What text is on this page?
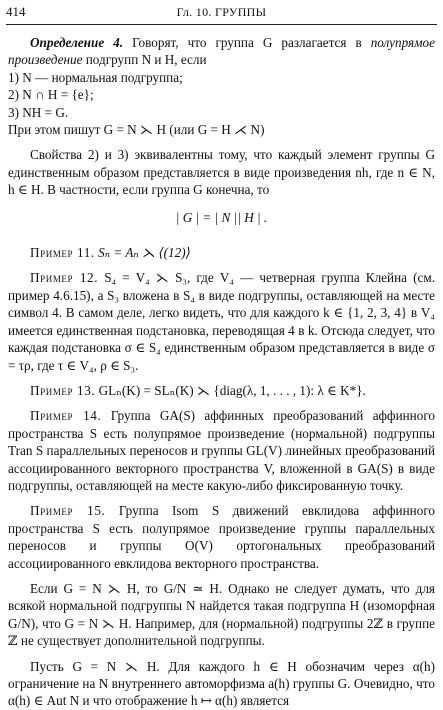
414	Гл. 10. ГРУППЫ

Определение 4. Говорят, что группа G разлагается в полупрямое произведение подгрупп N и H, если

1) N — нормальная подгруппа;

2) N ∩ H = {e};

3) NH = G.

При этом пишут G = N ⋋ H (или G = H ⋌ N)

Свойства 2) и 3) эквивалентны тому, что каждый элемент группы G единственным образом представляется в виде произведения nh, где n ∈ N, h ∈ H. В частности, если группа G конечна, то

| G | = | N || H | .

Пример 11. Sₙ = Aₙ ⋋ ⟨(12)⟩

Пример 12. S₄ = V₄ ⋋ S₃, где V₄ — четверная группа Клейна (см. пример 4.6.15), а S₃ вложена в S₄ в виде подгруппы, оставляющей на месте символ 4. В самом деле, легко видеть, что для каждого k ∈ {1, 2, 3, 4} в V₄ имеется единственная подстановка, переводящая 4 в k. Отсюда следует, что каждая подстановка σ ∈ S₄ единственным образом представляется в виде σ = τρ, где τ ∈ V₄, ρ ∈ S₃.

Пример 13. GLₙ(K) = SLₙ(K) ⋋ {diag(λ, 1, . . . , 1): λ ∈ K*}.

Пример 14. Группа GA(S) аффинных преобразований аффинного пространства S есть полупрямое произведение (нормальной) подгруппы Tran S параллельных переносов и группы GL(V) линейных преобразований ассоциированного векторного пространства V, вложенной в GA(S) в виде подгруппы, оставляющей на месте какую-либо фиксированную точку.

Пример 15. Группа Isom S движений евклидова аффинного пространства S есть полупрямое произведение группы параллельных переносов и группы O(V) ортогональных преобразований ассоциированного евклидова векторного пространства.

Если G = N ⋋ H, то G/N ≃ H. Однако не следует думать, что для всякой нормальной подгруппы N найдется такая подгруппа H (изоморфная G/N), что G = N ⋋ H. Например, для (нормальной) подгруппы 2ℤ в группе ℤ не существует дополнительной подгруппы.

Пусть G = N ⋋ H. Для каждого h ∈ H обозначим через α(h) ограничение на N внутреннего автоморфизма a(h) группы G. Очевидно, что α(h) ∈ Aut N и что отображение h ↦ α(h) является
